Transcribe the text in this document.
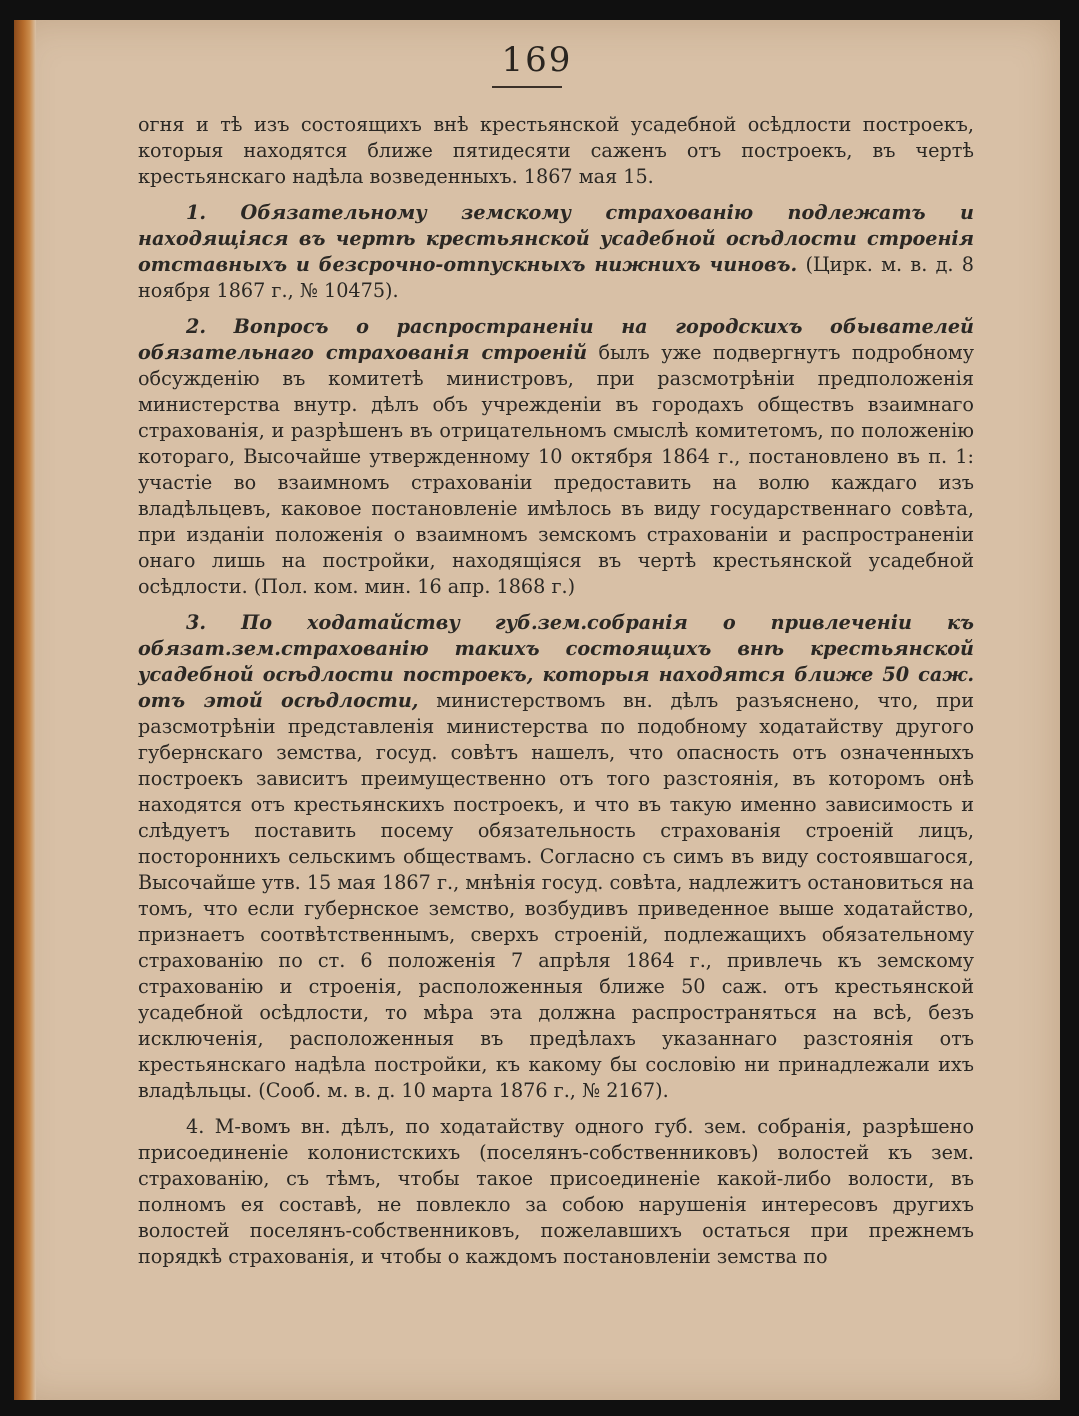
169

огня и тѣ изъ состоящихъ внѣ крестьянской усадебной осѣдлости построекъ, которыя находятся ближе пятидесяти саженъ отъ построекъ, въ чертѣ крестьянскаго надѣла возведенныхъ. 1867 мая 15.

1. Обязательному земскому страхованію подлежатъ и находящіяся въ чертѣ крестьянской усадебной осѣдлости строенія отставныхъ и безсрочно-отпускныхъ нижнихъ чиновъ. (Цирк. м. в. д. 8 ноября 1867 г., № 10475).

2. Вопросъ о распространеніи на городскихъ обывателей обязательнаго страхованія строеній былъ уже подвергнутъ подробному обсужденію въ комитетѣ министровъ, при разсмотрѣніи предположенія министерства внутр. дѣлъ объ учрежденіи въ городахъ обществъ взаимнаго страхованія, и разрѣшенъ въ отрицательномъ смыслѣ комитетомъ, по положенію котораго, Высочайше утвержденному 10 октября 1864 г., постановлено въ п. 1: участіе во взаимномъ страхованіи предоставить на волю каждаго изъ владѣльцевъ, каковое постановленіе имѣлось въ виду государственнаго совѣта, при изданіи положенія о взаимномъ земскомъ страхованіи и распространеніи онаго лишь на постройки, находящіяся въ чертѣ крестьянской усадебной осѣдлости. (Пол. ком. мин. 16 апр. 1868 г.)

3. По ходатайству губ.зем.собранія о привлеченіи къ обязат.зем.страхованію такихъ состоящихъ внѣ крестьянской усадебной осѣдлости построекъ, которыя находятся ближе 50 саж. отъ этой осѣдлости, министерствомъ вн. дѣлъ разъяснено, что, при разсмотрѣніи представленія министерства по подобному ходатайству другого губернскаго земства, госуд. совѣтъ нашелъ, что опасность отъ означенныхъ построекъ зависитъ преимущественно отъ того разстоянія, въ которомъ онѣ находятся отъ крестьянскихъ построекъ, и что въ такую именно зависимость и слѣдуетъ поставить посему обязательность страхованія строеній лицъ, постороннихъ сельскимъ обществамъ. Согласно съ симъ въ виду состоявшагося, Высочайше утв. 15 мая 1867 г., мнѣнія госуд. совѣта, надлежитъ остановиться на томъ, что если губернское земство, возбудивъ приведенное выше ходатайство, признаетъ соотвѣтственнымъ, сверхъ строеній, подлежащихъ обязательному страхованію по ст. 6 положенія 7 апрѣля 1864 г., привлечь къ земскому страхованію и строенія, расположенныя ближе 50 саж. отъ крестьянской усадебной осѣдлости, то мѣра эта должна распространяться на всѣ, безъ исключенія, расположенныя въ предѣлахъ указаннаго разстоянія отъ крестьянскаго надѣла постройки, къ какому бы сословію ни принадлежали ихъ владѣльцы. (Сооб. м. в. д. 10 марта 1876 г., № 2167).

4. М-вомъ вн. дѣлъ, по ходатайству одного губ. зем. собранія, разрѣшено присоединеніе колонистскихъ (поселянъ-собственниковъ) волостей къ зем. страхованію, съ тѣмъ, чтобы такое присоединеніе какой-либо волости, въ полномъ ея составѣ, не повлекло за собою нарушенія интересовъ другихъ волостей поселянъ-собственниковъ, пожелавшихъ остаться при прежнемъ порядкѣ страхованія, и чтобы о каждомъ постановленіи земства по
